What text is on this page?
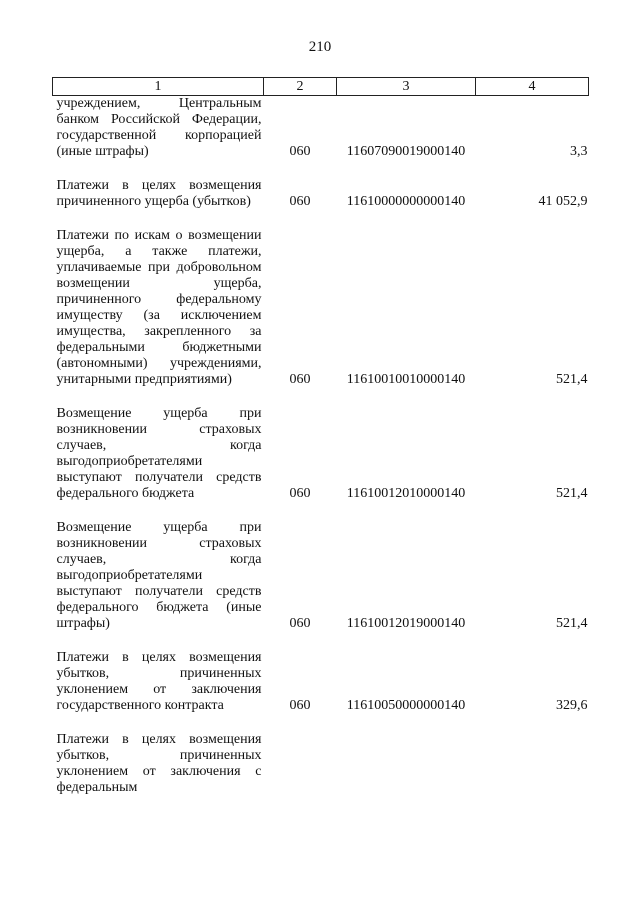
210
1	2	3	4
учреждением, Центральным банком Российской Федерации, государственной корпорацией (иные штрафы)	060	11607090019000140	3,3
Платежи в целях возмещения причиненного ущерба (убытков)	060	11610000000000140	41 052,9
Платежи по искам о возмещении ущерба, а также платежи, уплачиваемые при добровольном возмещении ущерба, причиненного федеральному имуществу (за исключением имущества, закрепленного за федеральными бюджетными (автономными) учреждениями, унитарными предприятиями)	060	11610010010000140	521,4
Возмещение ущерба при возникновении страховых случаев, когда выгодоприобретателями выступают получатели средств федерального бюджета	060	11610012010000140	521,4
Возмещение ущерба при возникновении страховых случаев, когда выгодоприобретателями выступают получатели средств федерального бюджета (иные штрафы)	060	11610012019000140	521,4
Платежи в целях возмещения убытков, причиненных уклонением от заключения государственного контракта	060	11610050000000140	329,6
Платежи в целях возмещения убытков, причиненных уклонением от заключения с федеральным			
